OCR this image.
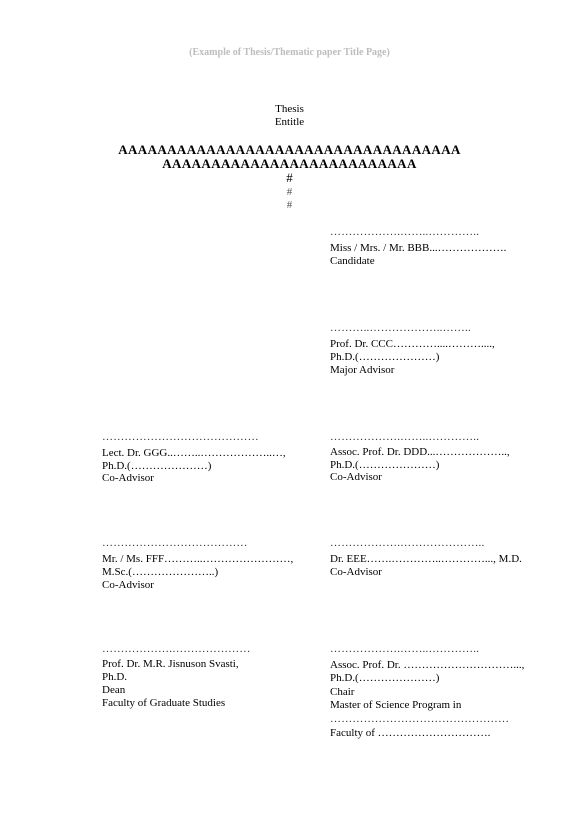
(Example of Thesis/Thematic paper Title Page)
Thesis
Entitle
AAAAAAAAAAAAAAAAAAAAAAAAAAAAAAAAAAA
AAAAAAAAAAAAAAAAAAAAAAAAAA
#
#
#
……………….……..…………..
Miss / Mrs. / Mr. BBB...……………….
Candidate
………..………………..……..
Prof. Dr. CCC…………....………....,
Ph.D.(…………………)
Major Advisor
……………………………………
Lect. Dr. GGG..……..………………..…,
Ph.D.(…………………)
Co-Advisor
……………….……..…………..
Assoc. Prof. Dr. DDD...………………..,
Ph.D.(…………………)
Co-Advisor
…………………………………
Mr. / Ms. FFF………..……………………,
M.Sc.(…………………..)
Co-Advisor
……………….…………………..
Dr. EEE…….…………..…………..., M.D.
Co-Advisor
……………….…………………
Prof. Dr. M.R. Jisnuson Svasti,
Ph.D.
Dean
Faculty of Graduate Studies
……………….……..…………..
Assoc. Prof. Dr. …………………………...,
Ph.D.(…………………)
Chair
Master of Science Program in
…………………………………………
Faculty of ………………………….
